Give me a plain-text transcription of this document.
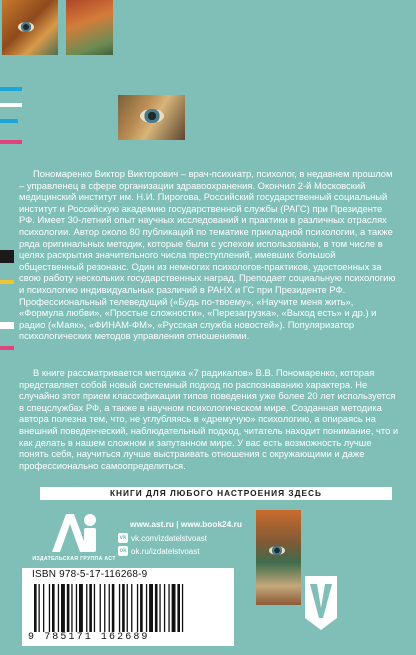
Пономаренко Виктор Викторович – врач-психиатр, психолог, в недавнем прошлом – управленец в сфере организации здравоохранения. Окончил 2-й Московский медицинский институт им. Н.И. Пирогова, Российский государственный социальный институт и Российскую академию государственной службы (РАГС) при Президенте РФ. Имеет 30-летний опыт научных исследований и практики в различных отраслях психологии. Автор около 80 публикаций по тематике прикладной психологии, а также ряда оригинальных методик, которые были с успехом использованы, в том числе в целях раскрытия значительного числа преступлений, имевших большой общественный резонанс. Один из немногих психологов-практиков, удостоенных за свою работу нескольких государственных наград. Преподает социальную психологию и психологию индивидуальных различий в РАНХ и ГС при Президенте РФ. Профессиональный телеведущий («Будь по-твоему», «Научите меня жить», «Формула любви», «Простые сложности», «Перезагрузка», «Выход есть» и др.) и радио («Маяк», «ФИНАМ-ФМ», «Русская служба новостей»). Популяризатор психологических методов управления отношениями.

В книге рассматривается методика «7 радикалов» В.В. Пономаренко, которая представляет собой новый системный подход по распознаванию характера. Не случайно этот прием классификации типов поведения уже более 20 лет используется в спецслужбах РФ, а также в научном психологическом мире. Созданная методика автора полезна тем, что, не углубляясь в «дремучую» психологию, а опираясь на внешний поведенческий, наблюдательный подход, читатель находит понимание, что и как делать в нашем сложном и запутанном мире. У вас есть возможность лучше понять себя, научиться лучше выстраивать отношения с окружающими и даже профессионально самоопределиться.

КНИГИ ДЛЯ ЛЮБОГО НАСТРОЕНИЯ ЗДЕСЬ
ИЗДАТЕЛЬСКАЯ ГРУППА АСТ
www.ast.ru | www.book24.ru
vk vk.com/izdatelstvoast
ok ok.ru/izdatelstvoast
ISBN 978-5-17-116268-9
9 785171 162689
